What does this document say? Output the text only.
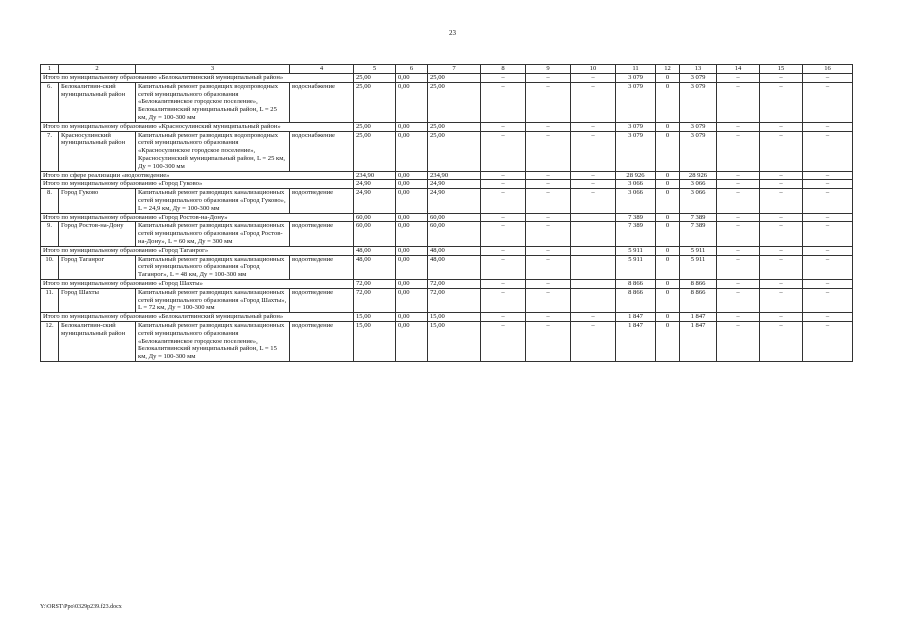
23
1	2	3	4	5	6	7	8	9	10	11	12	13	14	15	16
Итого по муниципальному образованию «Белокалитвинский муниципальный район»				25,00	0,00	25,00	–	–	–	3 079	0	3 079	–	–	–
6.	Белокалитвин-ский муниципальный район	Капитальный ремонт разводящих водопроводных сетей муниципального образования «Белокалитвинское городское поселение», Белокалитвинский муниципальный район, L = 25 км, Ду = 100-300 мм	водоснабжение	25,00	0,00	25,00	–	–	–	3 079	0	3 079	–	–	–
Итого по муниципальному образованию «Красносулинский муниципальный район»				25,00	0,00	25,00	–	–	–	3 079	0	3 079	–	–	–
7.	Красносулинский муниципальный район	Капитальный ремонт разводящих водопроводных сетей муниципального образования «Красносулинское городское поселение», Красносулинский муниципальный район, L = 25 км, Ду = 100-300 мм	водоснабжение	25,00	0,00	25,00	–	–	–	3 079	0	3 079	–	–	–
Итого по сфере реализации «водоотведение»				234,90	0,00	234,90	–	–	–	28 926	0	28 926	–	–	–
Итого по муниципальному образованию «Город Гуково»				24,90	0,00	24,90	–	–	–	3 066	0	3 066	–	–	–
8.	Город Гуково	Капитальный ремонт разводящих канализационных сетей муниципального образования «Город Гуково», L = 24,9 км, Ду = 100-300 мм	водоотведение	24,90	0,00	24,90	–	–	–	3 066	0	3 066	–	–	–
Итого по муниципальному образованию «Город Ростов-на-Дону»				60,00	0,00	60,00	–	–		7 389	0	7 389	–	–	–
9.	Город Ростов-на-Дону	Капитальный ремонт разводящих канализационных сетей муниципального образования «Город Ростов-на-Дону», L = 60 км, Ду = 300 мм	водоотведение	60,00	0,00	60,00	–	–		7 389	0	7 389	–	–	–
Итого по муниципальному образованию «Город Таганрог»				48,00	0,00	48,00	–	–		5 911	0	5 911	–	–	–
10.	Город Таганрог	Капитальный ремонт разводящих канализационных сетей муниципального образования «Город Таганрог», L = 48 км, Ду = 100-300 мм	водоотведение	48,00	0,00	48,00	–	–		5 911	0	5 911	–	–	–
Итого по муниципальному образованию «Город Шахты»				72,00	0,00	72,00	–	–		8 866	0	8 866	–	–	–
11.	Город Шахты	Капитальный ремонт разводящих канализационных сетей муниципального образования «Город Шахты», L = 72 км, Ду = 100-300 мм	водоотведение	72,00	0,00	72,00	–	–		8 866	0	8 866	–	–	–
Итого по муниципальному образованию «Белокалитвинский муниципальный район»				15,00	0,00	15,00	–	–	–	1 847	0	1 847	–	–	–
12.	Белокалитвин-ский муниципальный район	Капитальный ремонт разводящих канализационных сетей муниципального образования «Белокалитвинское городское поселение», Белокалитвинский муниципальный район, L = 15 км, Ду = 100-300 мм	водоотведение	15,00	0,00	15,00	–	–	–	1 847	0	1 847	–	–	–
Y:\ORST\Ppo\0329p239.f23.docx
